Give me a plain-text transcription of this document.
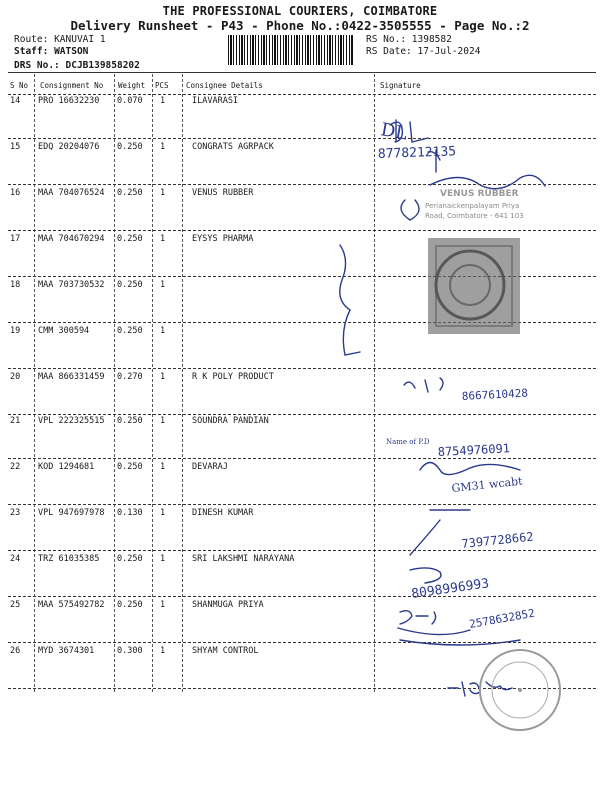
THE PROFESSIONAL COURIERS, COIMBATORE
Delivery Runsheet - P43 - Phone No.:0422-3505555 - Page No.:2
Route: KANUVAI 1
Staff: WATSON
DRS No.: DCJB139858202
RS No.: 1398582
RS Date: 17-Jul-2024
S No Consignment No Weight PCS Consignee Details	Signature
14 PRO 16632230 0.070 1	ILAVARASI
15 EDQ 20204076 0.250 1	CONGRATS AGRPACK
16 MAA 704076524 0.250 1	VENUS RUBBER
17 MAA 704670294 0.250 1	EYSYS PHARMA
18 MAA 703730532 0.250 1
19 CMM 300594	0.250 1
20 MAA 866331459 0.270 1	R K POLY PRODUCT
21 VPL 222325515 0.250 1	SOUNDRA PANDIAN
22 KOD 1294681	0.250 1	DEVARAJ
23 VPL 947697978 0.130 1	DINESH KUMAR
24 TRZ 61035385 0.250 1	SRI LAKSHMI NARAYANA
25 MAA 575492782 0.250 1	SHANMUGA PRIYA
26 MYD 3674301	0.300 1	SHYAM CONTROL
8778212135
DL
8667610428
Name of P.D 8754976091
GM31 wcabt
7397728662
8098996993
2578632852
VENUS RUBBER
Perianaickenpalayam Priya
Road, Coimbatore - 641 103
